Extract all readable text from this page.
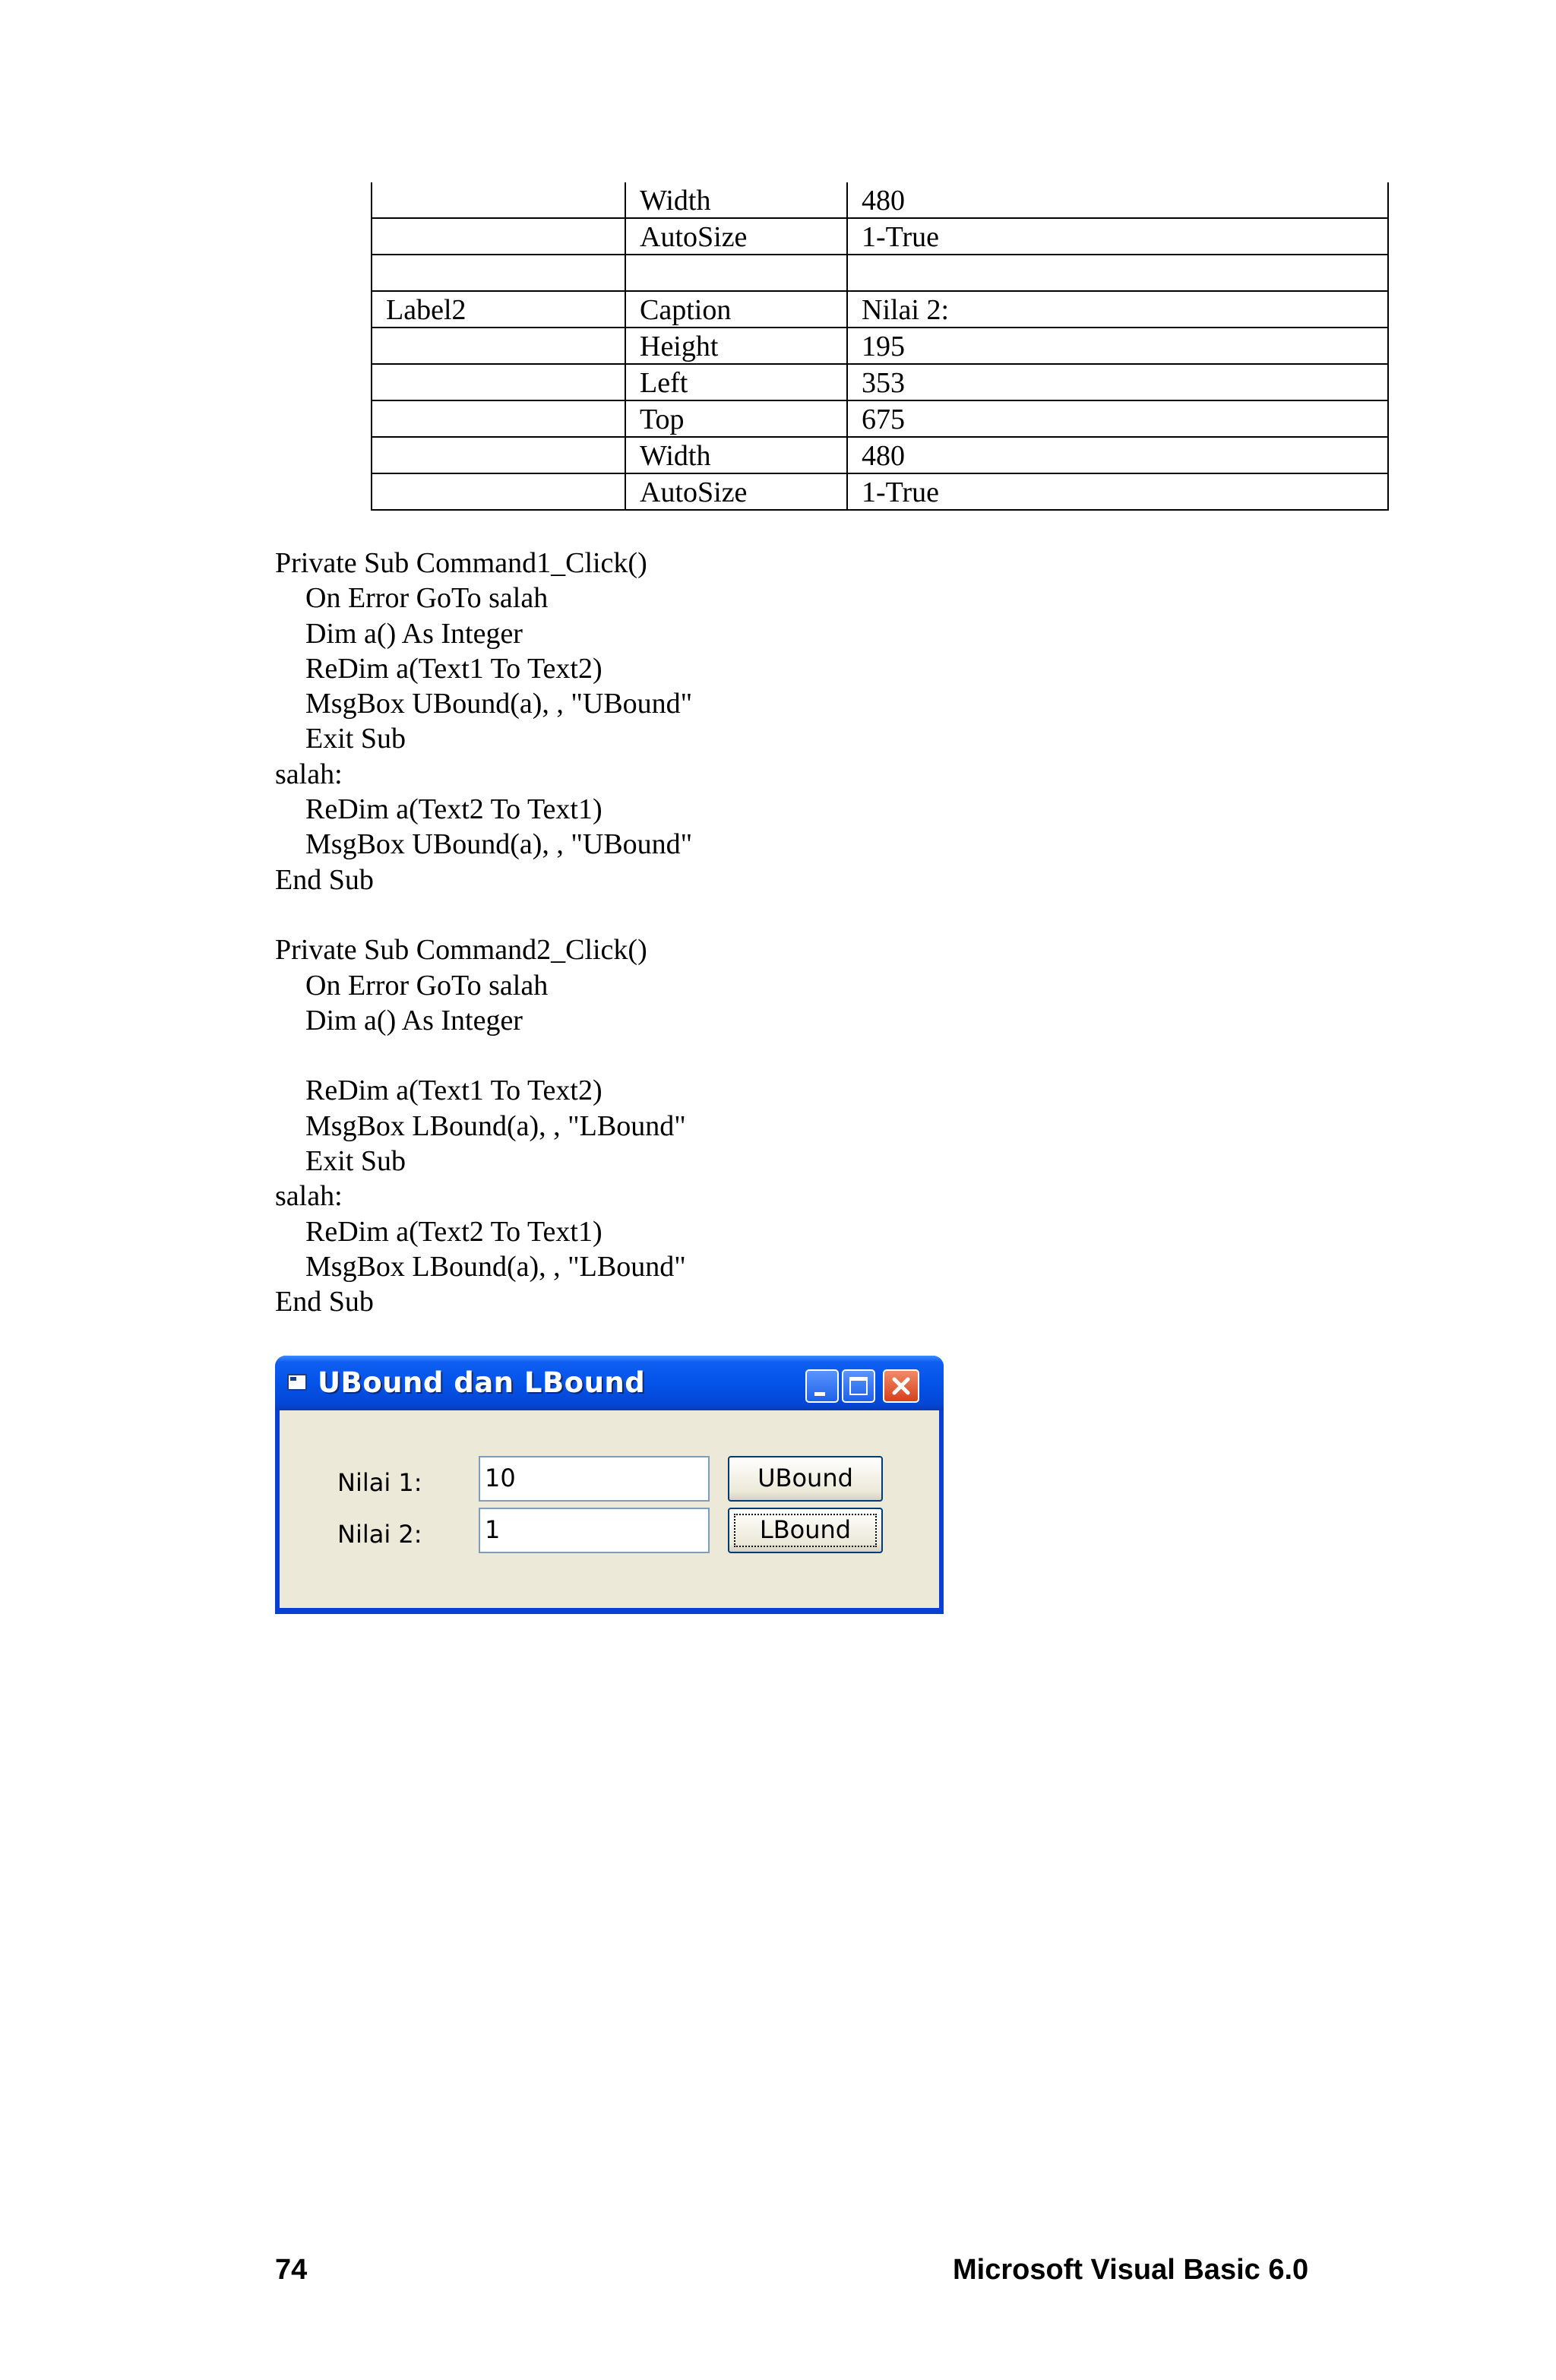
	Width	480
	AutoSize	1-True

Label2	Caption	Nilai 2:
	Height	195
	Left	353
	Top	675
	Width	480
	AutoSize	1-True
Private Sub Command1_Click()
On Error GoTo salah
Dim a() As Integer
ReDim a(Text1 To Text2)
MsgBox UBound(a), , "UBound"
Exit Sub
salah:
ReDim a(Text2 To Text1)
MsgBox UBound(a), , "UBound"
End Sub
Private Sub Command2_Click()
On Error GoTo salah
Dim a() As Integer
ReDim a(Text1 To Text2)
MsgBox LBound(a), , "LBound"
Exit Sub
salah:
ReDim a(Text2 To Text1)
MsgBox LBound(a), , "LBound"
End Sub
UBound dan LBound
Nilai 1:
Nilai 2:
10
1
UBound
LBound
74	Microsoft Visual Basic 6.0
